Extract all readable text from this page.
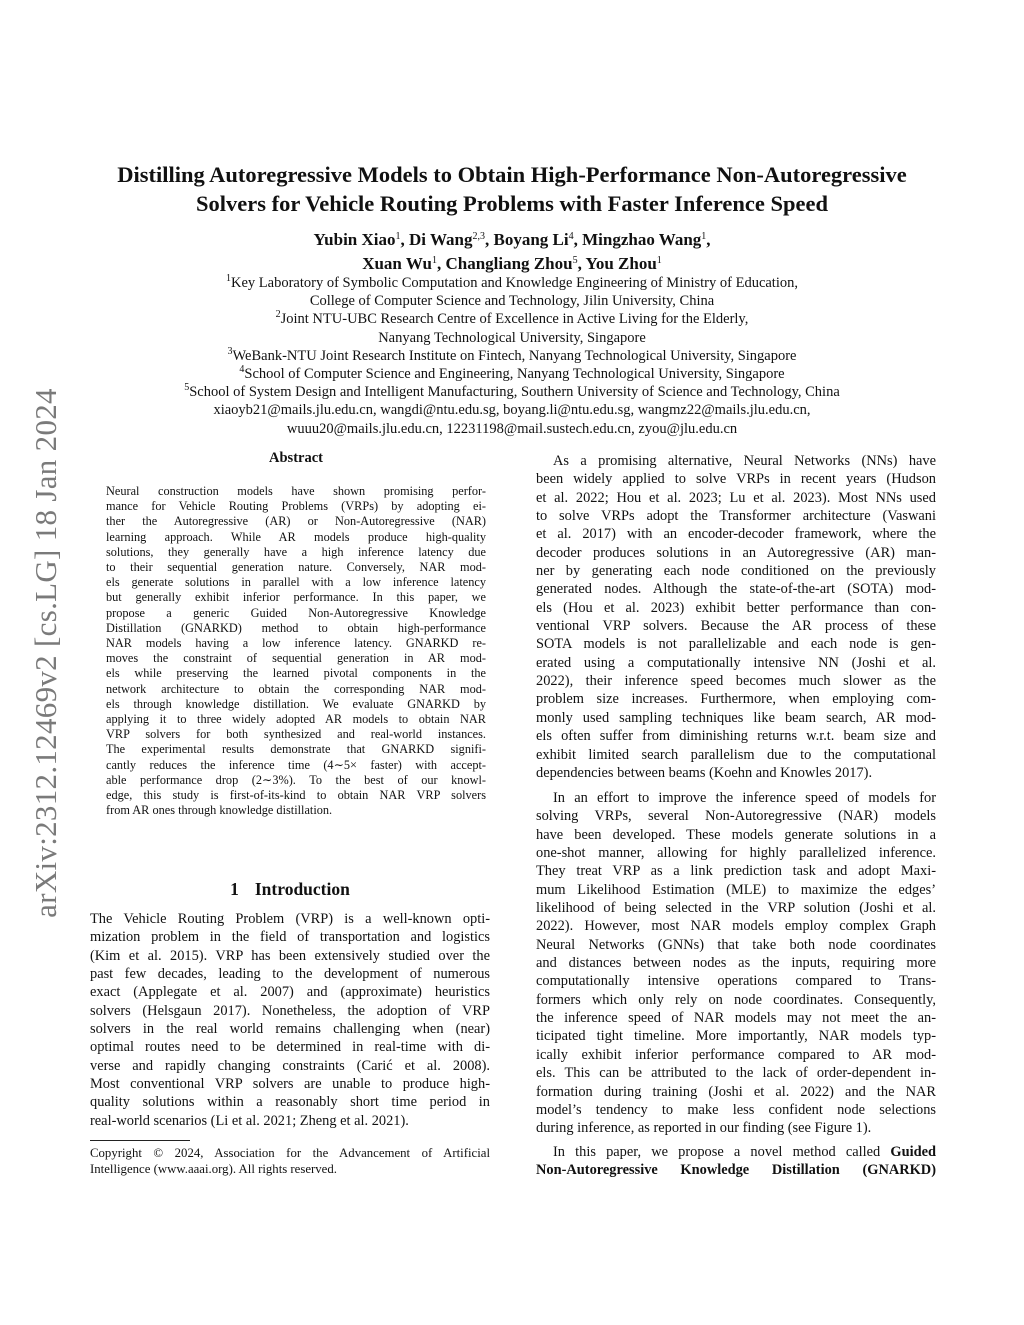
arXiv:2312.12469v2 [cs.LG] 18 Jan 2024
Distilling Autoregressive Models to Obtain High-Performance Non-Autoregressive
Solvers for Vehicle Routing Problems with Faster Inference Speed
Yubin Xiao$^1$, Di Wang$^{2,3}$, Boyang Li$^4$, Mingzhao Wang$^1$,
Xuan Wu$^1$, Changliang Zhou$^5$, You Zhou$^1$
$^1$Key Laboratory of Symbolic Computation and Knowledge Engineering of Ministry of Education,
College of Computer Science and Technology, Jilin University, China
$^2$Joint NTU-UBC Research Centre of Excellence in Active Living for the Elderly,
Nanyang Technological University, Singapore
$^3$WeBank-NTU Joint Research Institute on Fintech, Nanyang Technological University, Singapore
$^4$School of Computer Science and Engineering, Nanyang Technological University, Singapore
$^5$School of System Design and Intelligent Manufacturing, Southern University of Science and Technology, China
xiaoyb21@mails.jlu.edu.cn, wangdi@ntu.edu.sg, boyang.li@ntu.edu.sg, wangmz22@mails.jlu.edu.cn,
wuuu20@mails.jlu.edu.cn, 12231198@mail.sustech.edu.cn, zyou@jlu.edu.cn
Abstract
Neural construction models have shown promising perfor-
mance for Vehicle Routing Problems (VRPs) by adopting ei-
ther the Autoregressive (AR) or Non-Autoregressive (NAR)
learning approach. While AR models produce high-quality
solutions, they generally have a high inference latency due
to their sequential generation nature. Conversely, NAR mod-
els generate solutions in parallel with a low inference latency
but generally exhibit inferior performance. In this paper, we
propose a generic Guided Non-Autoregressive Knowledge
Distillation (GNARKD) method to obtain high-performance
NAR models having a low inference latency. GNARKD re-
moves the constraint of sequential generation in AR mod-
els while preserving the learned pivotal components in the
network architecture to obtain the corresponding NAR mod-
els through knowledge distillation. We evaluate GNARKD by
applying it to three widely adopted AR models to obtain NAR
VRP solvers for both synthesized and real-world instances.
The experimental results demonstrate that GNARKD signifi-
cantly reduces the inference time (4∼5× faster) with accept-
able performance drop (2∼3%). To the best of our knowl-
edge, this study is first-of-its-kind to obtain NAR VRP solvers
from AR ones through knowledge distillation.
1 Introduction
The Vehicle Routing Problem (VRP) is a well-known opti-
mization problem in the field of transportation and logistics
(Kim et al. 2015). VRP has been extensively studied over the
past few decades, leading to the development of numerous
exact (Applegate et al. 2007) and (approximate) heuristics
solvers (Helsgaun 2017). Nonetheless, the adoption of VRP
solvers in the real world remains challenging when (near)
optimal routes need to be determined in real-time with di-
verse and rapidly changing constraints (Carić et al. 2008).
Most conventional VRP solvers are unable to produce high-
quality solutions within a reasonably short time period in
real-world scenarios (Li et al. 2021; Zheng et al. 2021).
Copyright © 2024, Association for the Advancement of Artificial
Intelligence (www.aaai.org). All rights reserved.
As a promising alternative, Neural Networks (NNs) have
been widely applied to solve VRPs in recent years (Hudson
et al. 2022; Hou et al. 2023; Lu et al. 2023). Most NNs used
to solve VRPs adopt the Transformer architecture (Vaswani
et al. 2017) with an encoder-decoder framework, where the
decoder produces solutions in an Autoregressive (AR) man-
ner by generating each node conditioned on the previously
generated nodes. Although the state-of-the-art (SOTA) mod-
els (Hou et al. 2023) exhibit better performance than con-
ventional VRP solvers. Because the AR process of these
SOTA models is not parallelizable and each node is gen-
erated using a computationally intensive NN (Joshi et al.
2022), their inference speed becomes much slower as the
problem size increases. Furthermore, when employing com-
monly used sampling techniques like beam search, AR mod-
els often suffer from diminishing returns w.r.t. beam size and
exhibit limited search parallelism due to the computational
dependencies between beams (Koehn and Knowles 2017).
In an effort to improve the inference speed of models for
solving VRPs, several Non-Autoregressive (NAR) models
have been developed. These models generate solutions in a
one-shot manner, allowing for highly parallelized inference.
They treat VRP as a link prediction task and adopt Maxi-
mum Likelihood Estimation (MLE) to maximize the edges’
likelihood of being selected in the VRP solution (Joshi et al.
2022). However, most NAR models employ complex Graph
Neural Networks (GNNs) that take both node coordinates
and distances between nodes as the inputs, requiring more
computationally intensive operations compared to Trans-
formers which only rely on node coordinates. Consequently,
the inference speed of NAR models may not meet the an-
ticipated tight timeline. More importantly, NAR models typ-
ically exhibit inferior performance compared to AR mod-
els. This can be attributed to the lack of order-dependent in-
formation during training (Joshi et al. 2022) and the NAR
model’s tendency to make less confident node selections
during inference, as reported in our finding (see Figure 1).
In this paper, we propose a novel method called Guided
Non-Autoregressive Knowledge Distillation (GNARKD)
